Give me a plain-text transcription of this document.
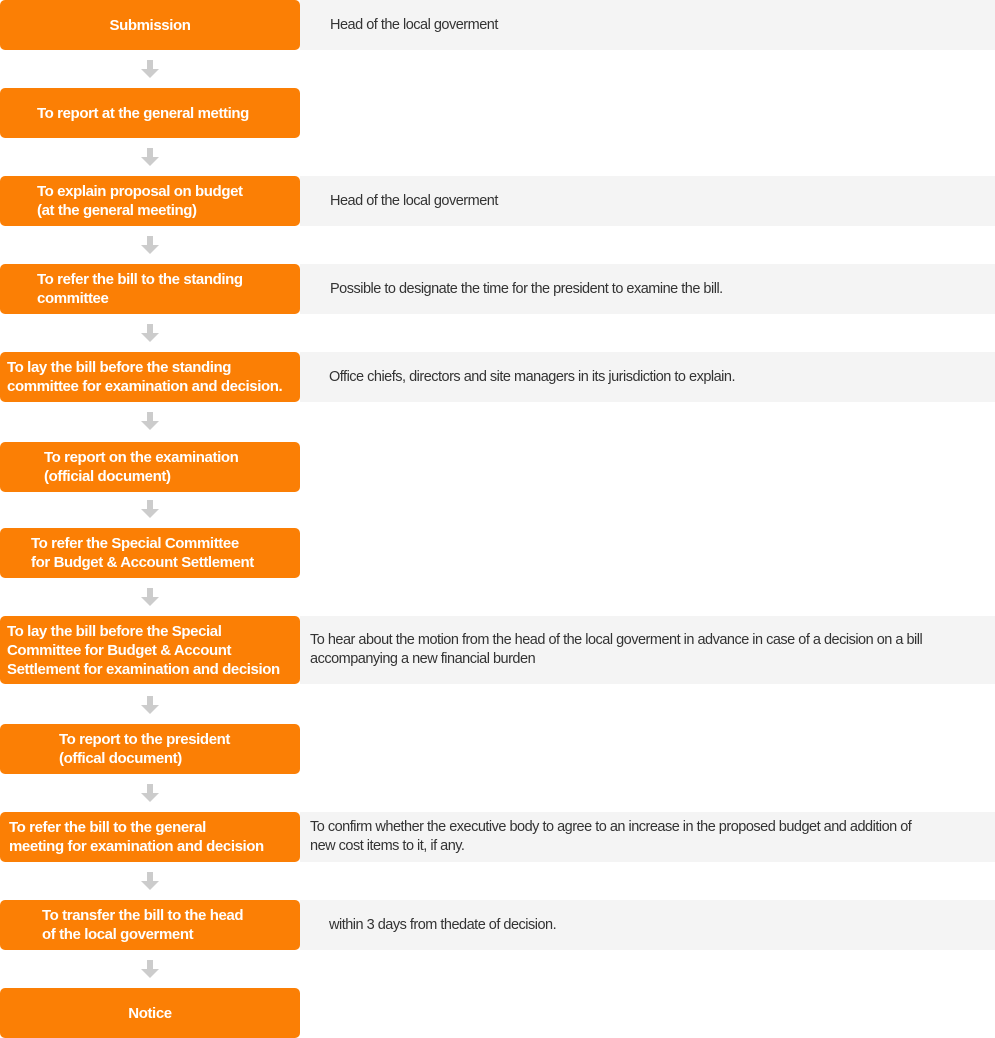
Submission	Head of the local goverment
To report at the general metting
To explain proposal on budget
(at the general meeting)
Head of the local goverment
To refer the bill to the standing
committee
Possible to designate the time for the president to examine the bill.
To lay the bill before the standing
committee for examination and decision.
Office chiefs, directors and site managers in its jurisdiction to explain.
To report on the examination
(official document)
To refer the Special Committee
for Budget & Account Settlement
To lay the bill before the Special
Committee for Budget & Account
Settlement for examination and decision
To hear about the motion from the head of the local goverment in advance in case of a decision on a bill
accompanying a new financial burden
To report to the president
(offical document)
To refer the bill to the general
meeting for examination and decision
To confirm whether the executive body to agree to an increase in the proposed budget and addition of
new cost items to it, if any.
To transfer the bill to the head
of the local goverment
within 3 days from thedate of decision.
Notice
